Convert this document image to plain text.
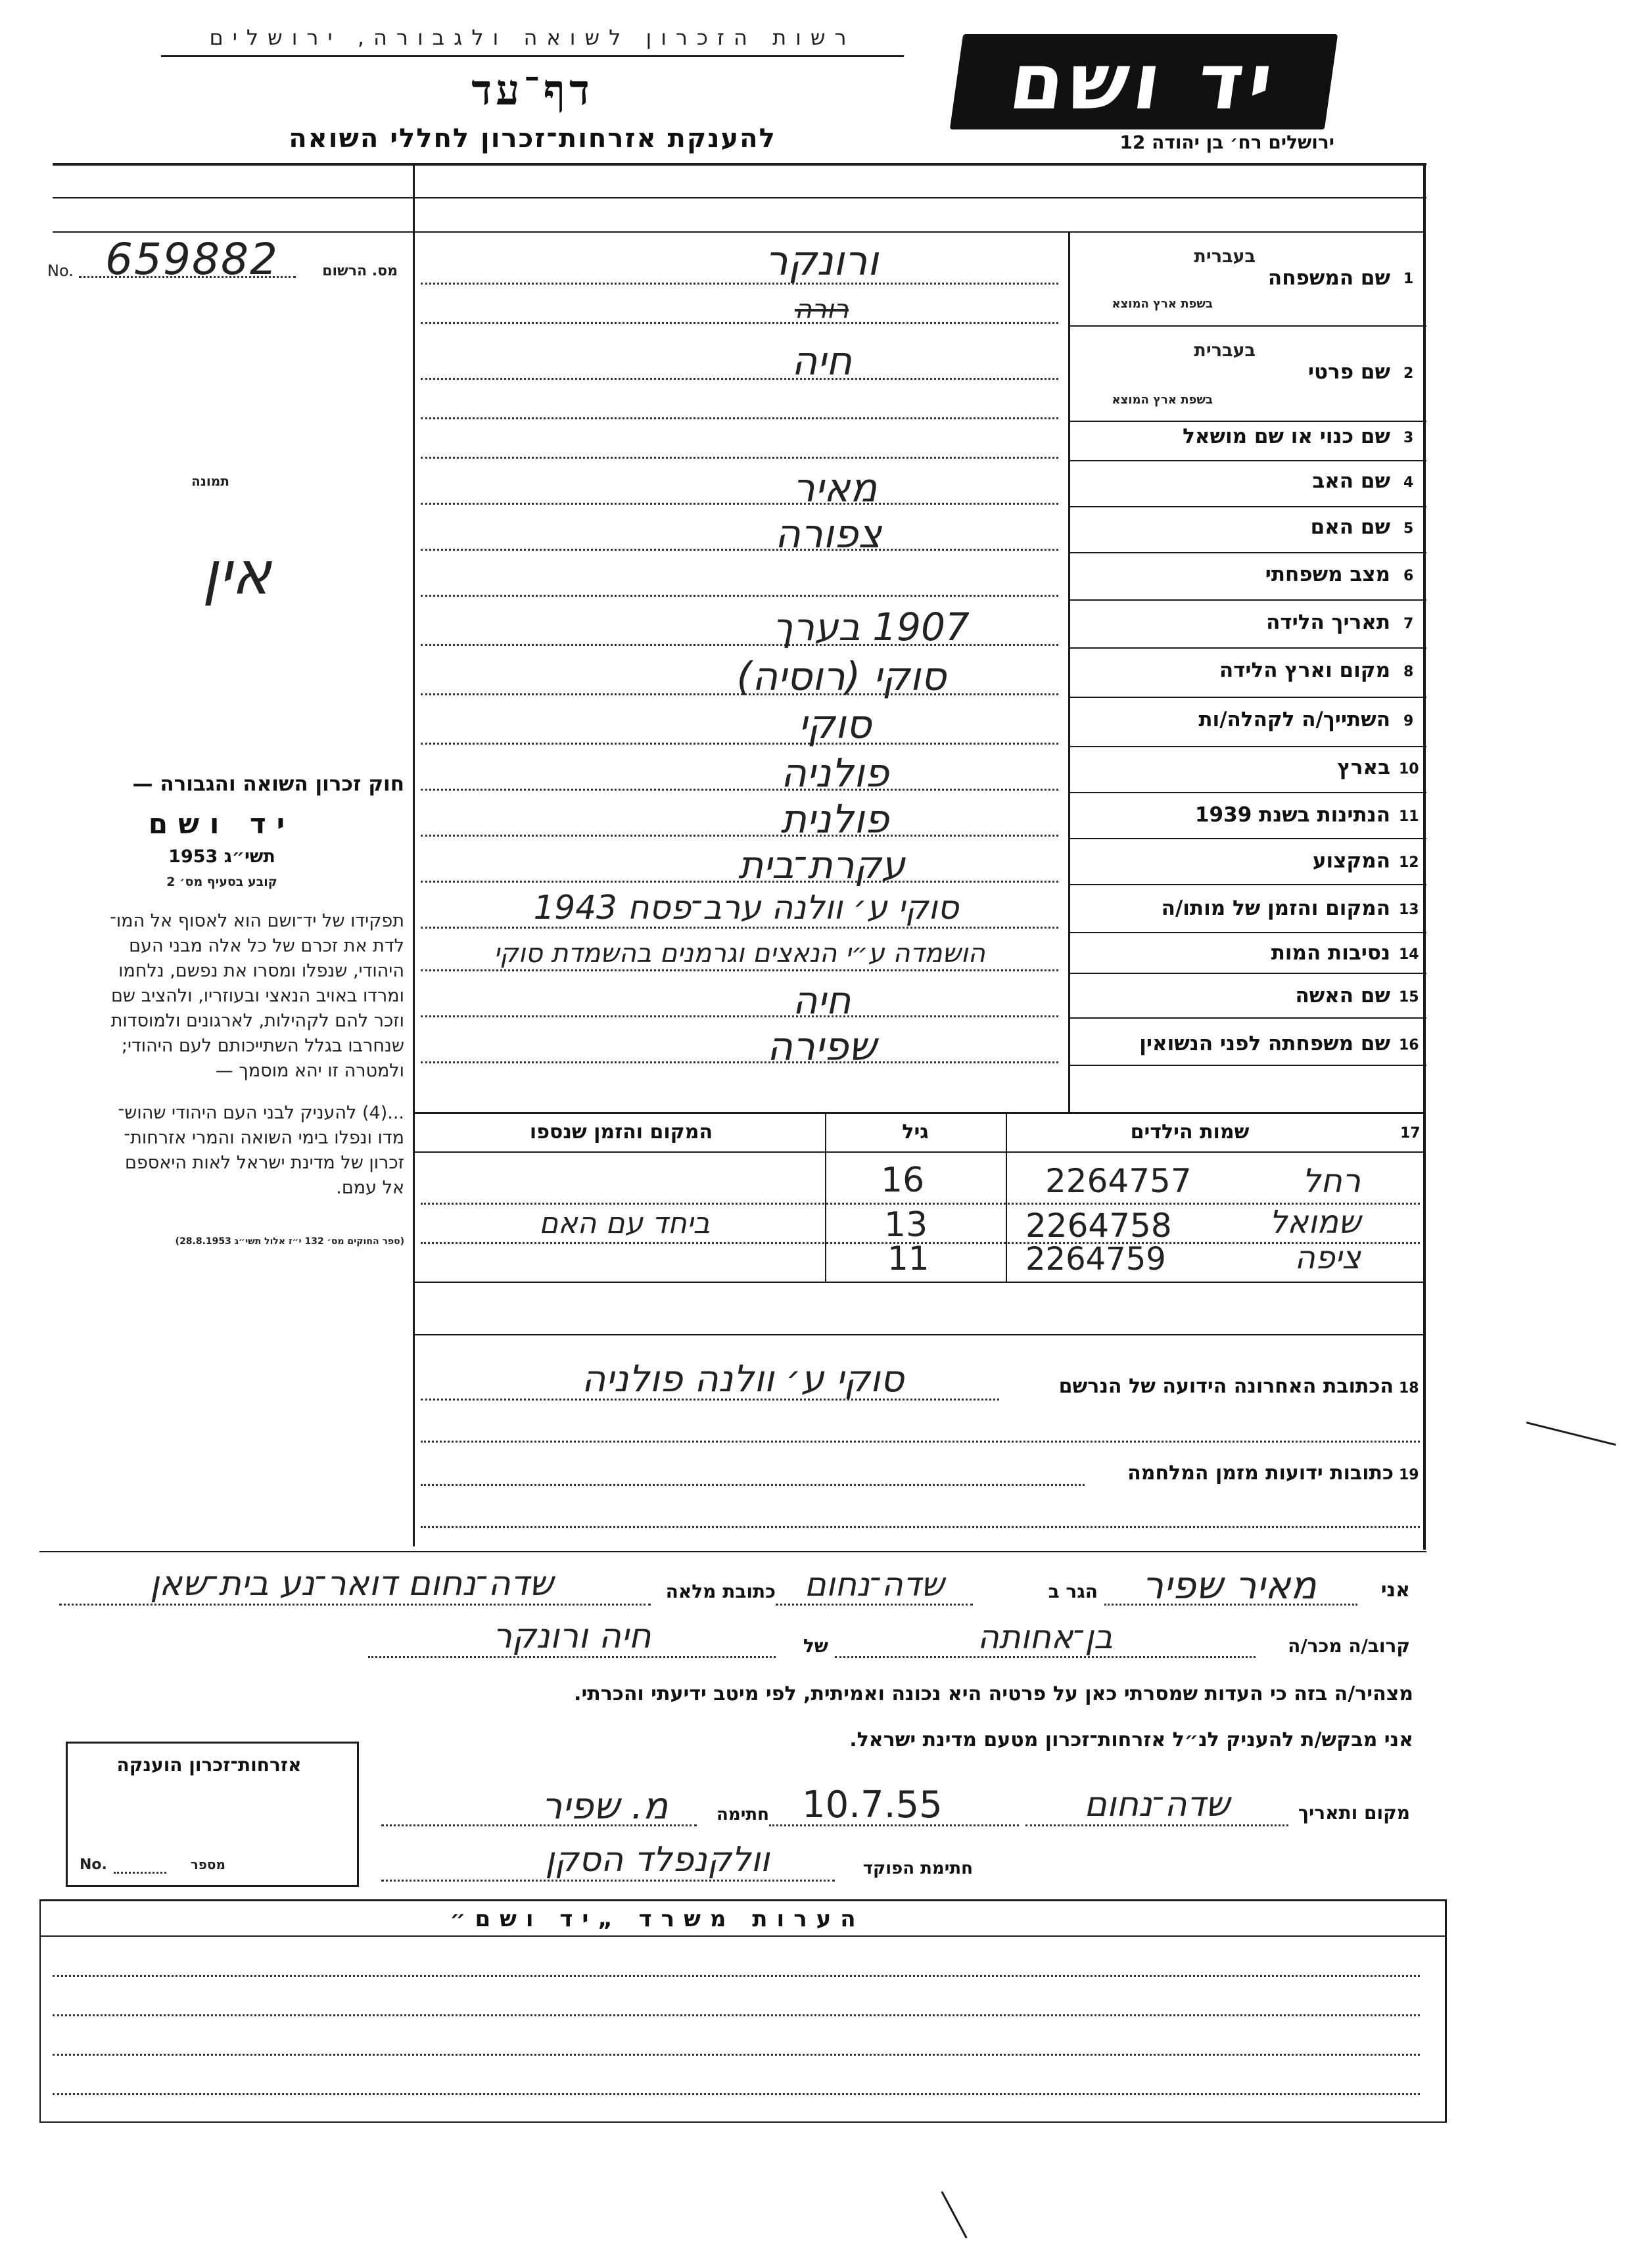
רשות הזכרון לשואה ולגבורה, ירושלים
דף־עד
להענקת אזרחות־זכרון לחללי השואה
יד ושם
ירושלים רח׳ בן יהודה 12
No. 659882	מס. הרשום
תמונה
אין

חוק זכרון השואה והגבורה —

יד ושם

תשי״ג 1953

קובע בסעיף מס׳ 2

תפקידו של יד־ושם הוא לאסוף אל המו־

לדת את זכרם של כל אלה מבני העם

היהודי, שנפלו ומסרו את נפשם, נלחמו

ומרדו באויב הנאצי ובעוזריו, ולהציב שם

וזכר להם לקהילות, לארגונים ולמוסדות

שנחרבו בגלל השתייכותם לעם היהודי;

ולמטרה זו יהא מוסמך —

...(4) להעניק לבני העם היהודי שהוש־

מדו ונפלו בימי השואה והמרי אזרחות־

זכרון של מדינת ישראל לאות היאספם

אל עמם.

(ספר החוקים מס׳ 132 י״ז אלול תשי״ג 28.8.1953)

1
שם המשפחה
בעברית
בשפת ארץ המוצא
ורונקר
רורה
2
שם פרטי
בעברית
בשפת ארץ המוצא
חיה
3
שם כנוי או שם מושאל
4
שם האב
מאיר
5
שם האם
צפורה
6
מצב משפחתי
7
תאריך הלידה
1907 בערך
8
מקום וארץ הלידה
סוקי (רוסיה)
9
השתייך/ה לקהלה/ות
סוקי
10
בארץ
פולניה
11
הנתינות בשנת 1939
פולנית
12
המקצוע
עקרת־בית
13
המקום והזמן של מותו/ה
סוקי ע׳ וולנה ערב־פסח 1943
14
נסיבות המות
הושמדה ע״י הנאצים וגרמנים בהשמדת סוקי
15
שם האשה
חיה
16
שם משפחתה לפני הנשואין
שפירה
17
שמות הילדים
גיל
המקום והזמן שנספו
2264757	רחל
16
2264758	שמואל
13
ביחד עם האם
2264759	ציפה
11
18
הכתובת האחרונה הידועה של הנרשם
סוקי ע׳ וולנה פולניה
19
כתובות ידועות מזמן המלחמה
אני
מאיר שפיר
הגר ב
שדה־נחום
כתובת מלאה
שדה־נחום דואר־נע בית־שאן
קרוב/ה מכר/ה
בן־אחותה
של
חיה ורונקר
מצהיר/ה בזה כי העדות שמסרתי כאן על פרטיה היא נכונה ואמיתית, לפי מיטב ידיעתי והכרתי.
אני מבקש/ת להעניק לנ״ל אזרחות־זכרון מטעם מדינת ישראל.
מקום ותאריך
שדה־נחום
10.7.55
חתימה
מ. שפיר
חתימת הפוקד
וולקנפלד הסקן
אזרחות־זכרון הוענקה
No.	מספר
הערות משרד „יד ושם״
